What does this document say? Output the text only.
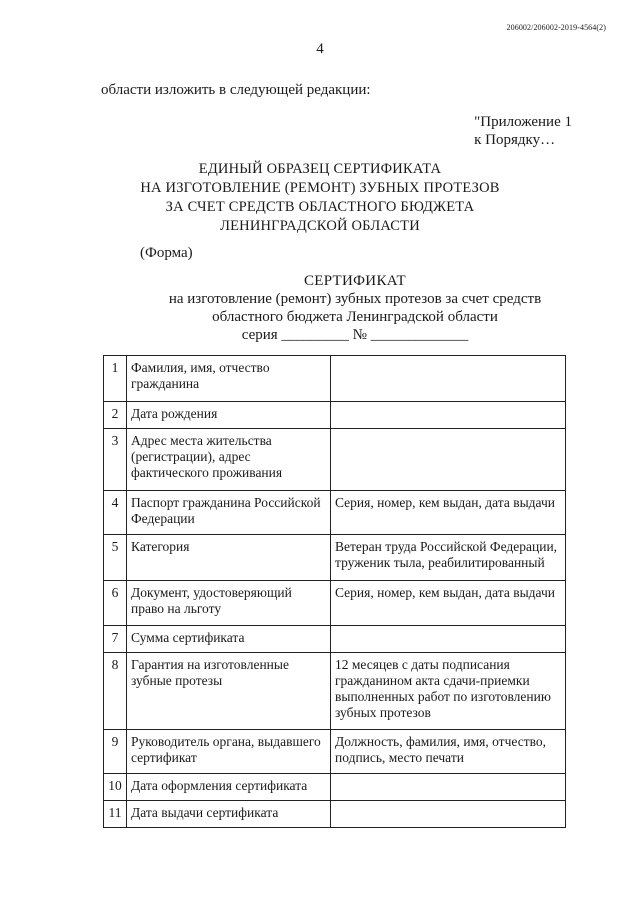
206002/206002-2019-4564(2)
4
области изложить в следующей редакции:
"Приложение 1
к Порядку…
ЕДИНЫЙ ОБРАЗЕЦ СЕРТИФИКАТА
НА ИЗГОТОВЛЕНИЕ (РЕМОНТ) ЗУБНЫХ ПРОТЕЗОВ
ЗА СЧЕТ СРЕДСТВ ОБЛАСТНОГО БЮДЖЕТА
ЛЕНИНГРАДСКОЙ ОБЛАСТИ
(Форма)
СЕРТИФИКАТ
на изготовление (ремонт) зубных протезов за счет средств
областного бюджета Ленинградской области
серия _________ № _____________
1	Фамилия, имя, отчество гражданина	
2	Дата рождения	
3	Адрес места жительства (регистрации), адрес фактического проживания	
4	Паспорт гражданина Российской Федерации	Серия, номер, кем выдан, дата выдачи
5	Категория	Ветеран труда Российской Федерации, труженик тыла, реабилитированный
6	Документ, удостоверяющий право на льготу	Серия, номер, кем выдан, дата выдачи
7	Сумма сертификата	
8	Гарантия на изготовленные зубные протезы	12 месяцев с даты подписания гражданином акта сдачи-приемки выполненных работ по изготовлению зубных протезов
9	Руководитель органа, выдавшего сертификат	Должность, фамилия, имя, отчество, подпись, место печати
10	Дата оформления сертификата	
11	Дата выдачи сертификата	
